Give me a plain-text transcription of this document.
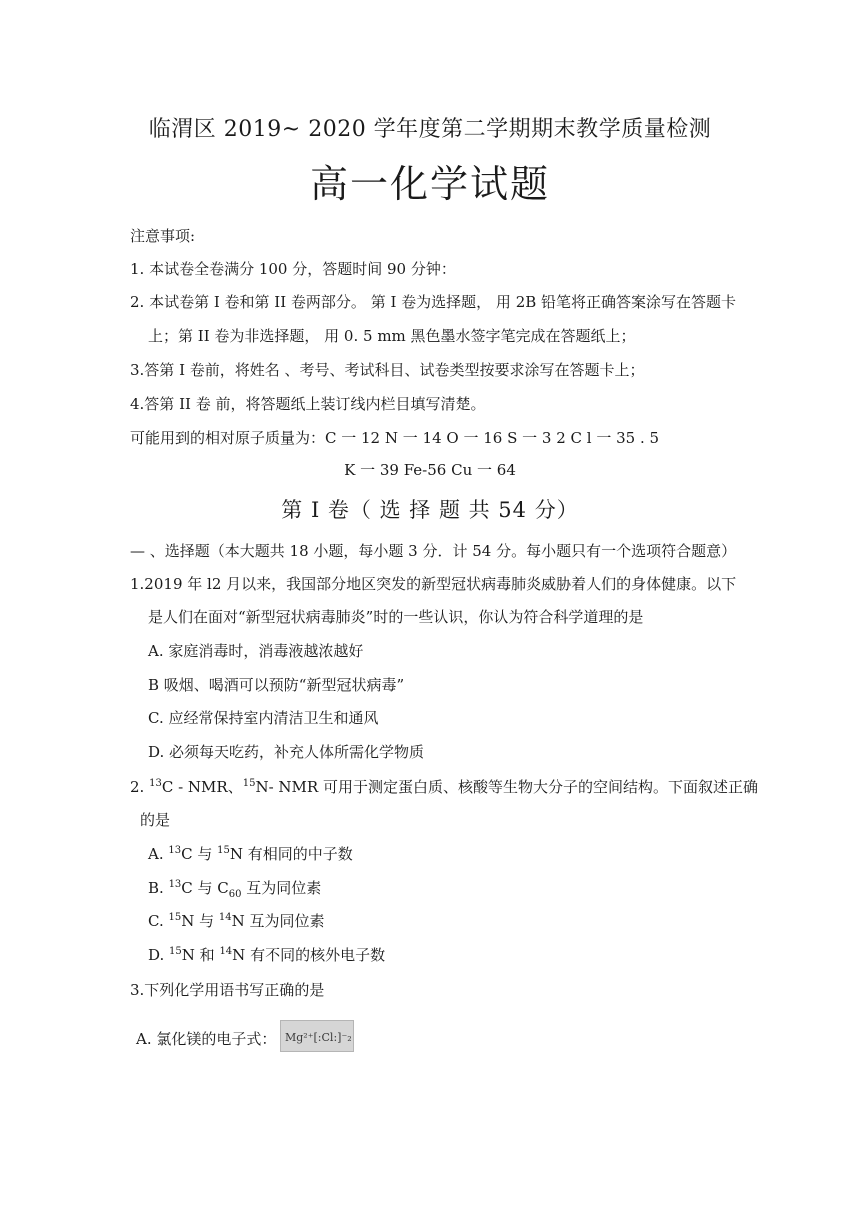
临渭区 2019~ 2020 学年度第二学期期末教学质量检测
高一化学试题
注意事项:
1. 本试卷全卷满分 100 分，答题时间 90 分钟：
2. 本试卷第 I 卷和第 II 卷两部分。 第 I 卷为选择题， 用 2B 铅笔将正确答案涂写在答题卡
上；第 II 卷为非选择题， 用 0. 5 mm 黑色墨水签字笔完成在答题纸上；
3.答第 I 卷前，将姓名 、考号、考试科目、试卷类型按要求涂写在答题卡上；
4.答第 II 卷 前，将答题纸上装订线内栏目填写清楚。
可能用到的相对原子质量为：C 一 12 N 一 14 O 一 16 S 一 3 2 C l 一 35 . 5
K 一 39 Fe-56 Cu 一 64
第 I 卷（ 选 择 题 共 54 分）
— 、选择题（本大题共 18 小题，每小题 3 分．计 54 分。每小题只有一个选项符合题意）
1.2019 年 l2 月以来，我国部分地区突发的新型冠状病毒肺炎威胁着人们的身体健康。以下
是人们在面对“新型冠状病毒肺炎”时的一些认识，你认为符合科学道理的是
A. 家庭消毒时，消毒液越浓越好
B 吸烟、喝酒可以预防“新型冠状病毒”
C. 应经常保持室内清洁卫生和通风
D. 必须每天吃药，补充人体所需化学物质
2. $^{13}$C - NMR、$^{15}$N- NMR 可用于测定蛋白质、核酸等生物大分子的空间结构。下面叙述正确
的是
A. $^{13}$C 与 $^{15}$N 有相同的中子数
B. $^{13}$C 与 $C_{60}$ 互为同位素
C. $^{15}$N 与 $^{14}$N 互为同位素
D. $^{15}$N 和 $^{14}$N 有不同的核外电子数
3.下列化学用语书写正确的是
A. 氯化镁的电子式： Mg²⁺[:Cl:]⁻₂
